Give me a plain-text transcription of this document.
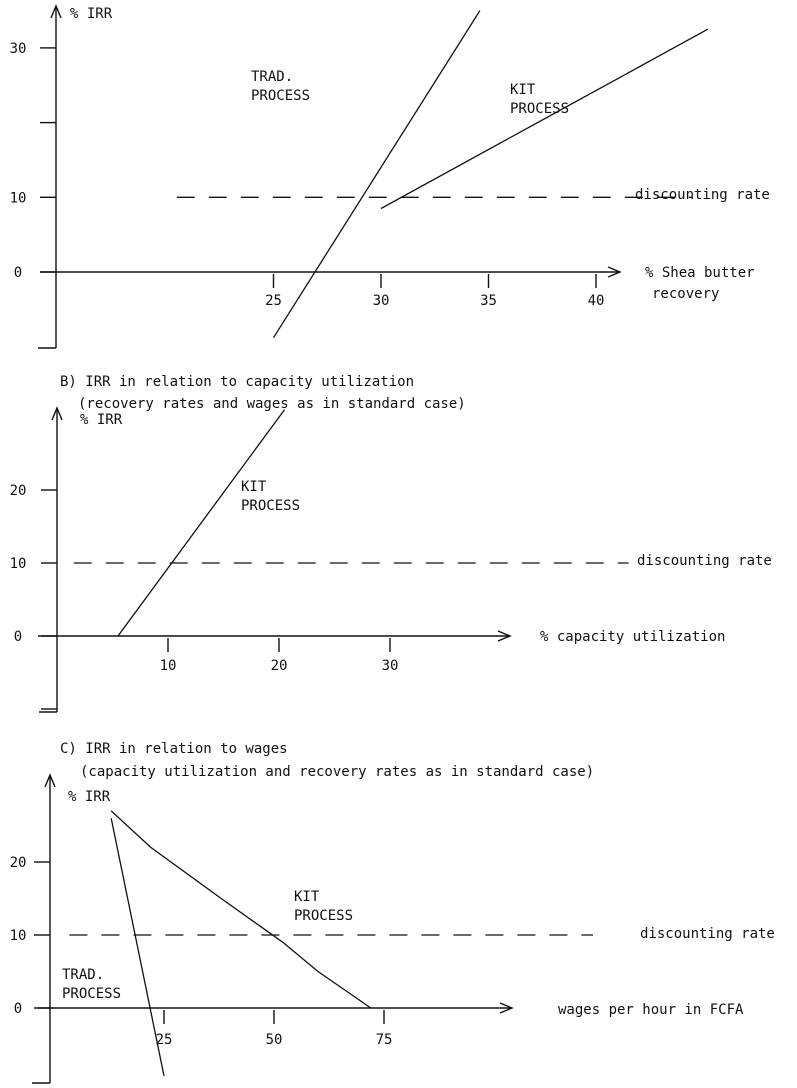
0
10
30
25	30	35	40
% IRR
% Shea butter
recovery
discounting rate
TRAD.
PROCESS	KIT
PROCESS
B) IRR in relation to capacity utilization
(recovery rates and wages as in standard case)
0
10
20
10	20	30
% IRR
% capacity utilization
discounting rate
KIT
PROCESS
C) IRR in relation to wages
(capacity utilization and recovery rates as in standard case)
0
10
20
25	50	75
% IRR
wages per hour in FCFA
discounting rate
KIT
PROCESS
TRAD.
PROCESS
